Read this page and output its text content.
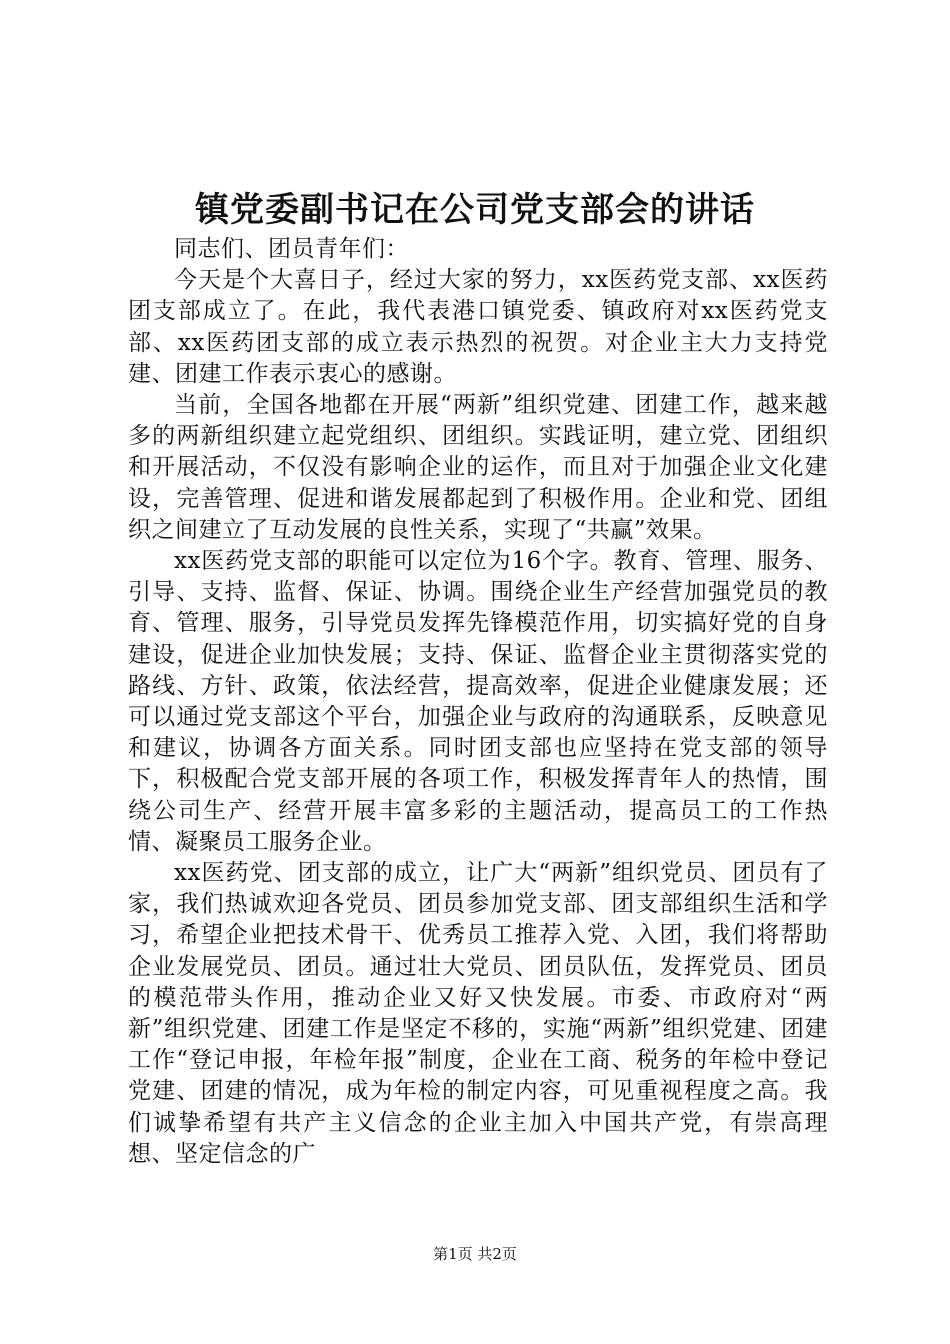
镇党委副书记在公司党支部会的讲话

同志们、团员青年们：

今天是个大喜日子，经过大家的努力，xx医药党支部、xx医药团支部成立了。在此，我代表港口镇党委、镇政府对xx医药党支部、xx医药团支部的成立表示热烈的祝贺。对企业主大力支持党建、团建工作表示衷心的感谢。

当前，全国各地都在开展“两新”组织党建、团建工作，越来越多的两新组织建立起党组织、团组织。实践证明，建立党、团组织和开展活动，不仅没有影响企业的运作，而且对于加强企业文化建设，完善管理、促进和谐发展都起到了积极作用。企业和党、团组织之间建立了互动发展的良性关系，实现了“共赢”效果。

xx医药党支部的职能可以定位为16个字。教育、管理、服务、引导、支持、监督、保证、协调。围绕企业生产经营加强党员的教育、管理、服务，引导党员发挥先锋模范作用，切实搞好党的自身建设，促进企业加快发展；支持、保证、监督企业主贯彻落实党的路线、方针、政策，依法经营，提高效率，促进企业健康发展；还可以通过党支部这个平台，加强企业与政府的沟通联系，反映意见和建议，协调各方面关系。同时团支部也应坚持在党支部的领导下，积极配合党支部开展的各项工作，积极发挥青年人的热情，围绕公司生产、经营开展丰富多彩的主题活动，提高员工的工作热情、凝聚员工服务企业。

xx医药党、团支部的成立，让广大“两新”组织党员、团员有了家，我们热诚欢迎各党员、团员参加党支部、团支部组织生活和学习，希望企业把技术骨干、优秀员工推荐入党、入团，我们将帮助企业发展党员、团员。通过壮大党员、团员队伍，发挥党员、团员的模范带头作用，推动企业又好又快发展。市委、市政府对“两新”组织党建、团建工作是坚定不移的，实施“两新”组织党建、团建工作“登记申报，年检年报”制度，企业在工商、税务的年检中登记党建、团建的情况，成为年检的制定内容，可见重视程度之高。我们诚挚希望有共产主义信念的企业主加入中国共产党，有崇高理想、坚定信念的广

第1页 共2页
